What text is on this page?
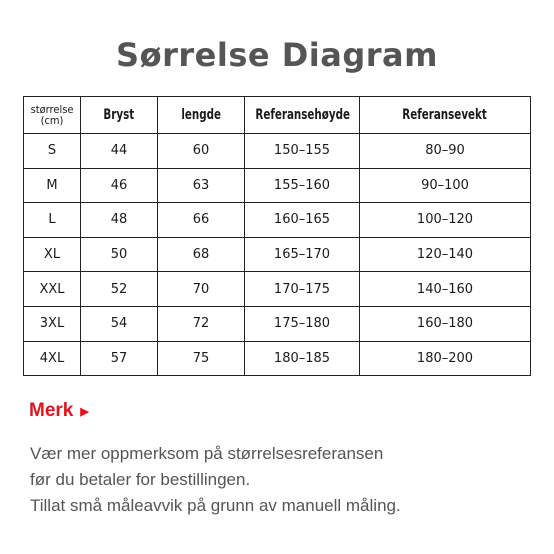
Sørrelse Diagram
størrelse
(cm)	Bryst	lengde	Referansehøyde	Referansevekt
S	44	60	150–155	80–90
M	46	63	155–160	90–100
L	48	66	160–165	100–120
XL	50	68	165–170	120–140
XXL	52	70	170–175	140–160
3XL	54	72	175–180	160–180
4XL	57	75	180–185	180–200
Merk ▶

Vær mer oppmerksom på størrelsesreferansen

før du betaler for bestillingen.

Tillat små måleavvik på grunn av manuell måling.
